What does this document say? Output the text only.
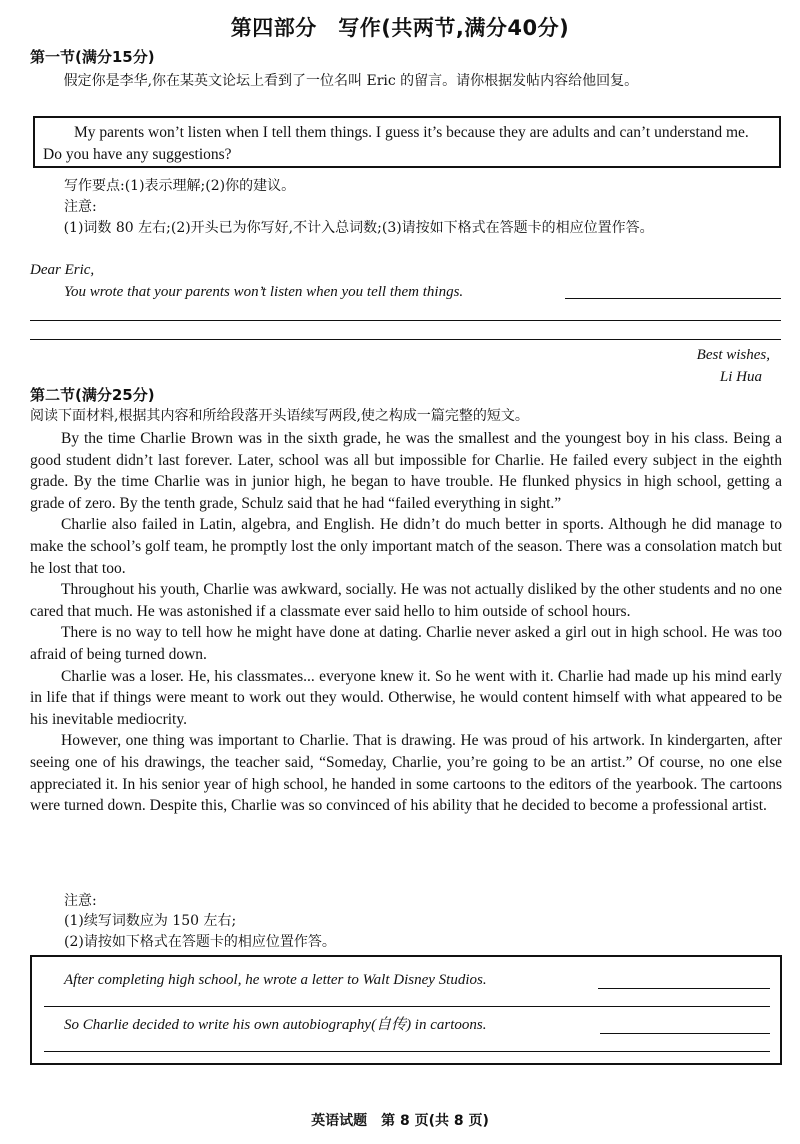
第四部分　写作(共两节,满分40分)
第一节(满分15分)
假定你是李华,你在某英文论坛上看到了一位名叫 Eric 的留言。请你根据发帖内容给他回复。
My parents won’t listen when I tell them things. I guess it’s because they are adults and can’t understand me. Do you have any suggestions?
写作要点:(1)表示理解;(2)你的建议。
注意:
(1)词数 80 左右;(2)开头已为你写好,不计入总词数;(3)请按如下格式在答题卡的相应位置作答。
Dear Eric,
You wrote that your parents won’t listen when you tell them things.
Best wishes,
Li Hua
第二节(满分25分)
阅读下面材料,根据其内容和所给段落开头语续写两段,使之构成一篇完整的短文。

By the time Charlie Brown was in the sixth grade, he was the smallest and the youngest boy in his class. Being a good student didn’t last forever. Later, school was all but impossible for Charlie. He failed every subject in the eighth grade. By the time Charlie was in junior high, he began to have trouble. He flunked physics in high school, getting a grade of zero. By the tenth grade, Schulz said that he had “failed everything in sight.”

Charlie also failed in Latin, algebra, and English. He didn’t do much better in sports. Although he did manage to make the school’s golf team, he promptly lost the only important match of the season. There was a consolation match but he lost that too.

Throughout his youth, Charlie was awkward, socially. He was not actually disliked by the other students and no one cared that much. He was astonished if a classmate ever said hello to him outside of school hours.

There is no way to tell how he might have done at dating. Charlie never asked a girl out in high school. He was too afraid of being turned down.

Charlie was a loser. He, his classmates... everyone knew it. So he went with it. Charlie had made up his mind early in life that if things were meant to work out they would. Otherwise, he would content himself with what appeared to be his inevitable mediocrity.

However, one thing was important to Charlie. That is drawing. He was proud of his artwork. In kindergarten, after seeing one of his drawings, the teacher said, “Someday, Charlie, you’re going to be an artist.” Of course, no one else appreciated it. In his senior year of high school, he handed in some cartoons to the editors of the yearbook. The cartoons were turned down. Despite this, Charlie was so convinced of his ability that he decided to become a professional artist.

注意:
(1)续写词数应为 150 左右;
(2)请按如下格式在答题卡的相应位置作答。
After completing high school, he wrote a letter to Walt Disney Studios.
So Charlie decided to write his own autobiography(自传) in cartoons.
英语试题　第 8 页(共 8 页)
